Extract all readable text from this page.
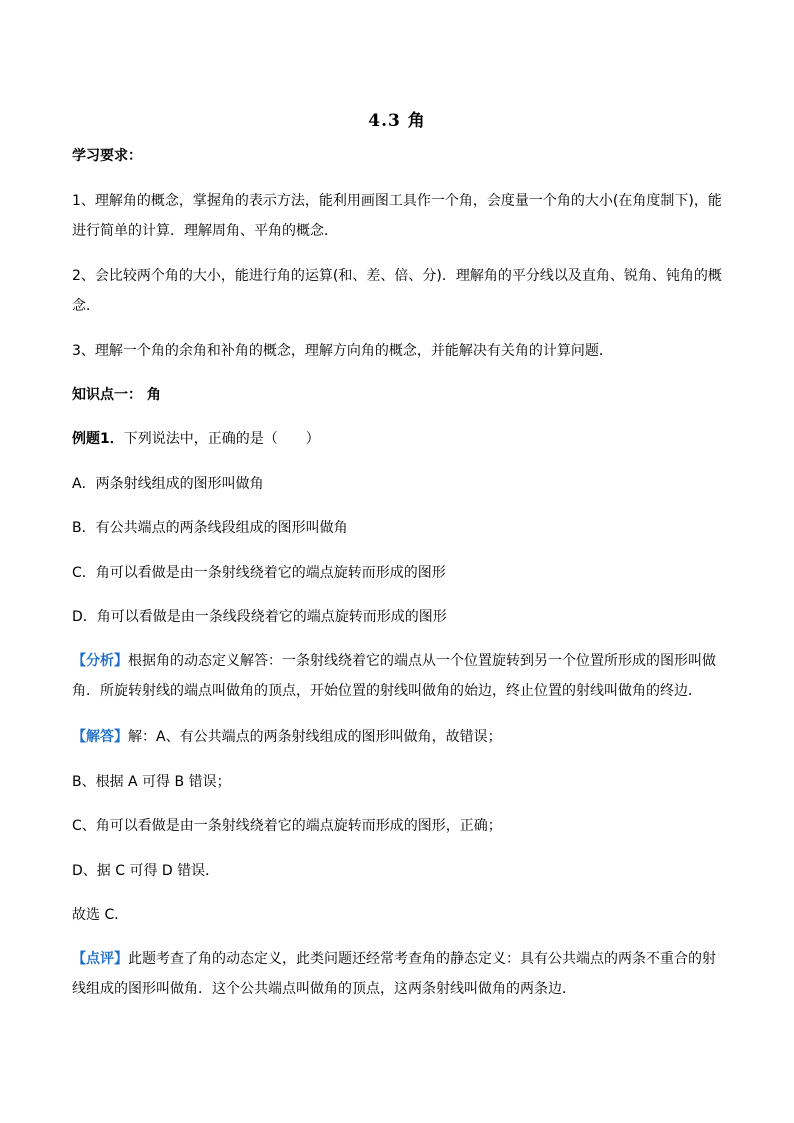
4.3 角
学习要求：
1、理解角的概念，掌握角的表示方法，能利用画图工具作一个角，会度量一个角的大小(在角度制下)，能进行简单的计算．理解周角、平角的概念．
2、会比较两个角的大小，能进行角的运算(和、差、倍、分)．理解角的平分线以及直角、锐角、钝角的概念．
3、理解一个角的余角和补角的概念，理解方向角的概念，并能解决有关角的计算问题．
知识点一： 角
例题1．下列说法中，正确的是（　　）
A．两条射线组成的图形叫做角
B．有公共端点的两条线段组成的图形叫做角
C．角可以看做是由一条射线绕着它的端点旋转而形成的图形
D．角可以看做是由一条线段绕着它的端点旋转而形成的图形
【分析】根据角的动态定义解答：一条射线绕着它的端点从一个位置旋转到另一个位置所形成的图形叫做角．所旋转射线的端点叫做角的顶点，开始位置的射线叫做角的始边，终止位置的射线叫做角的终边．
【解答】解：A、有公共端点的两条射线组成的图形叫做角，故错误；
B、根据 A 可得 B 错误；
C、角可以看做是由一条射线绕着它的端点旋转而形成的图形，正确；
D、据 C 可得 D 错误．
故选 C．
【点评】此题考查了角的动态定义，此类问题还经常考查角的静态定义：具有公共端点的两条不重合的射线组成的图形叫做角．这个公共端点叫做角的顶点，这两条射线叫做角的两条边．
